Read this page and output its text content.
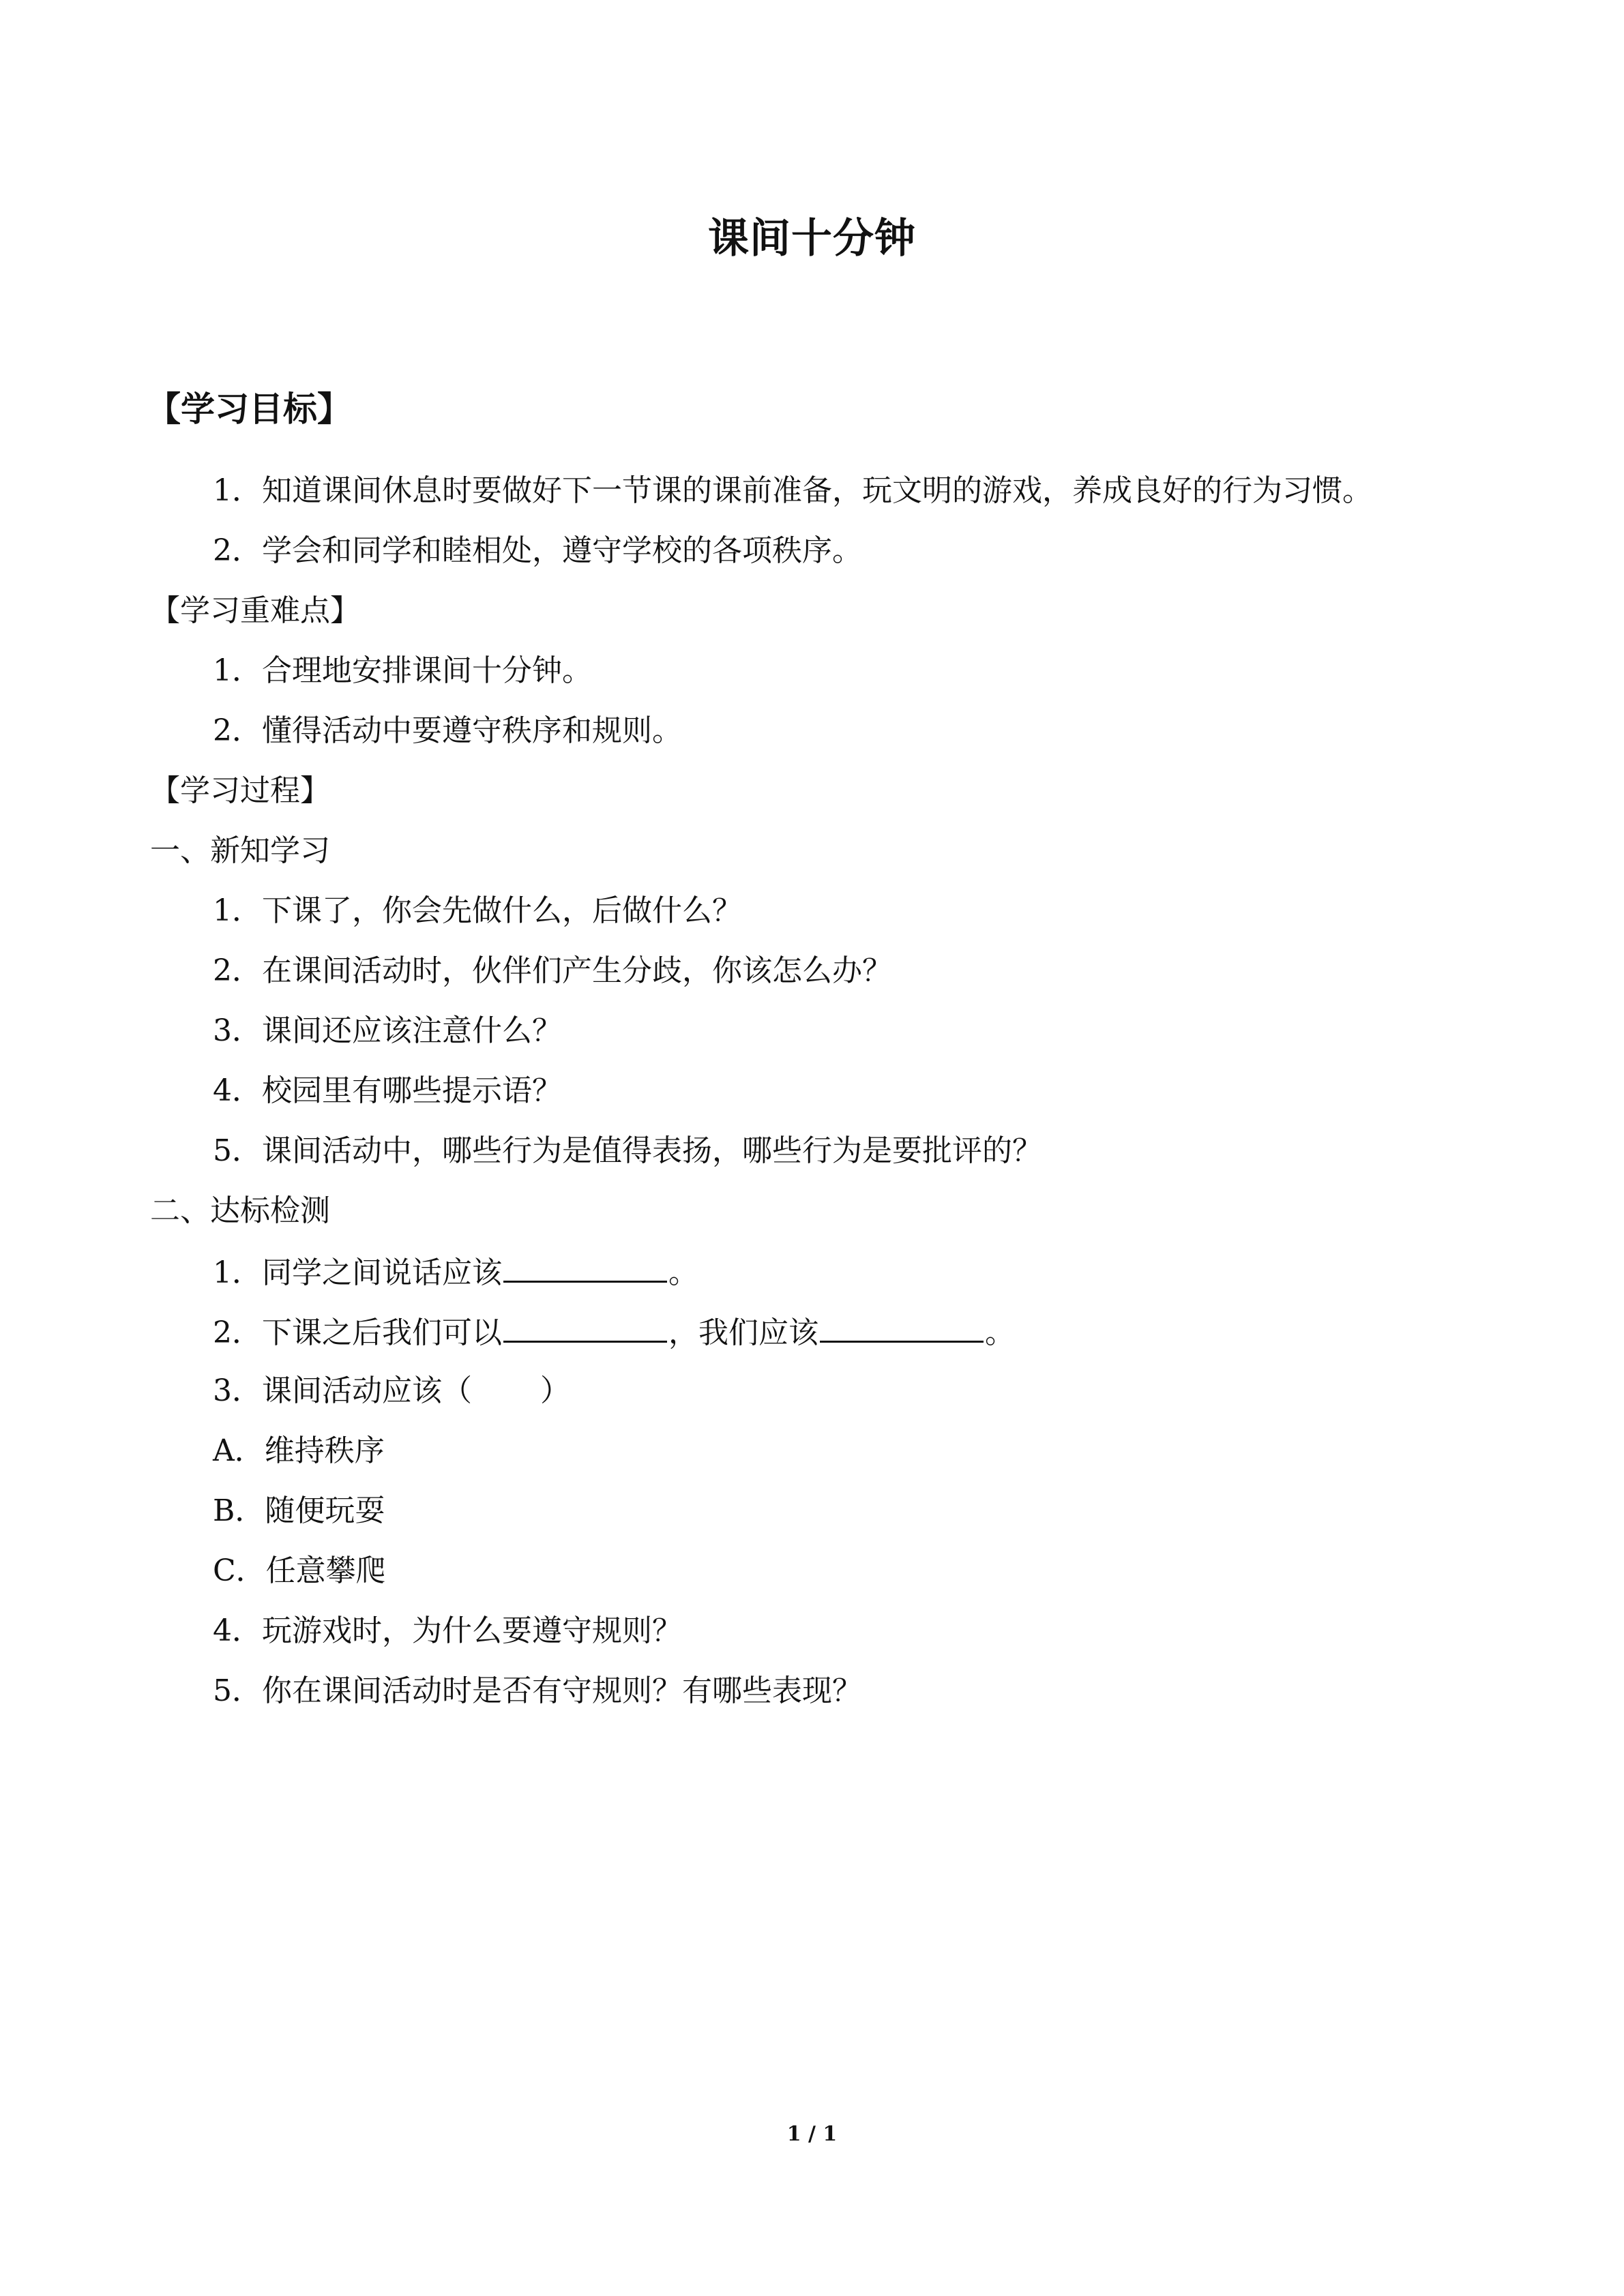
课间十分钟
【学习目标】
1．知道课间休息时要做好下一节课的课前准备，玩文明的游戏，养成良好的行为习惯。
2．学会和同学和睦相处，遵守学校的各项秩序。
【学习重难点】
1．合理地安排课间十分钟。
2．懂得活动中要遵守秩序和规则。
【学习过程】
一、新知学习
1．下课了，你会先做什么，后做什么？
2．在课间活动时，伙伴们产生分歧，你该怎么办？
3．课间还应该注意什么？
4．校园里有哪些提示语？
5．课间活动中，哪些行为是值得表扬，哪些行为是要批评的？
二、达标检测
1．同学之间说话应该	。
2．下课之后我们可以	，我们应该	。
3．课间活动应该（ ）
A．维持秩序
B．随便玩耍
C．任意攀爬
4．玩游戏时，为什么要遵守规则？
5．你在课间活动时是否有守规则？有哪些表现？
1 / 1
